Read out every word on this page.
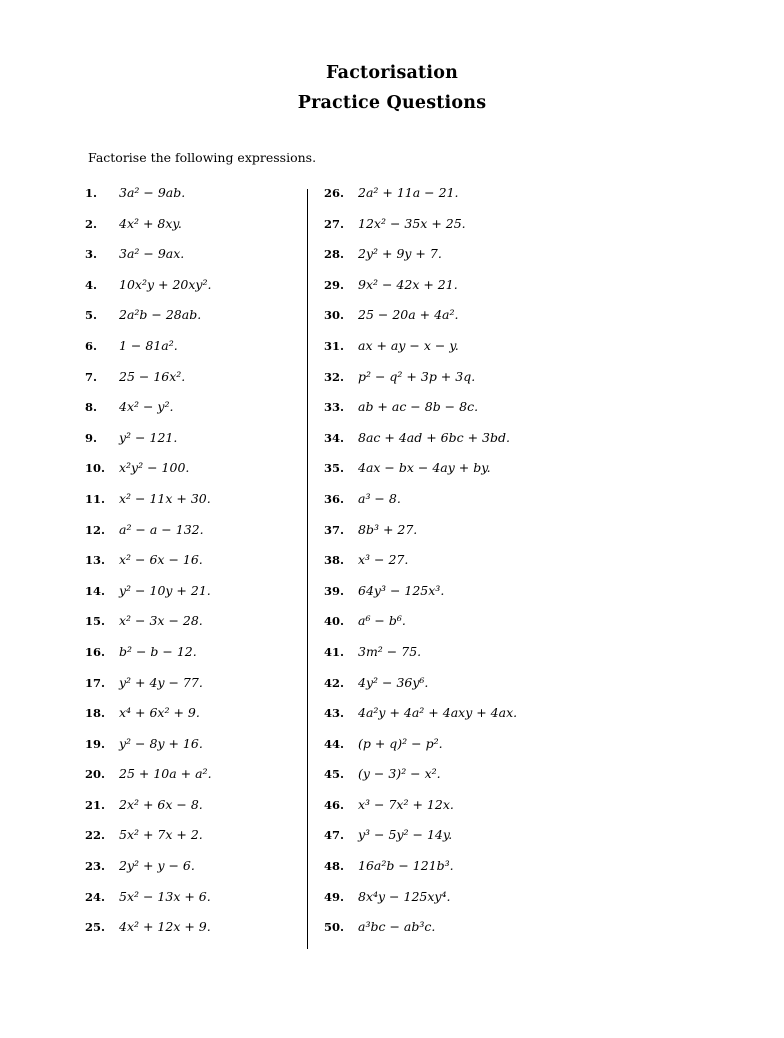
Factorisation
Practice Questions
Factorise the following expressions.
1.	3a² − 9ab.
2.	4x² + 8xy.
3.	3a² − 9ax.
4.	10x²y + 20xy².
5.	2a²b − 28ab.
6.	1 − 81a².
7.	25 − 16x².
8.	4x² − y².
9.	y² − 121.
10.	x²y² − 100.
11.	x² − 11x + 30.
12.	a² − a − 132.
13.	x² − 6x − 16.
14.	y² − 10y + 21.
15.	x² − 3x − 28.
16.	b² − b − 12.
17.	y² + 4y − 77.
18.	x⁴ + 6x² + 9.
19.	y² − 8y + 16.
20.	25 + 10a + a².
21.	2x² + 6x − 8.
22.	5x² + 7x + 2.
23.	2y² + y − 6.
24.	5x² − 13x + 6.
25.	4x² + 12x + 9.
26.	2a² + 11a − 21.
27.	12x² − 35x + 25.
28.	2y² + 9y + 7.
29.	9x² − 42x + 21.
30.	25 − 20a + 4a².
31.	ax + ay − x − y.
32.	p² − q² + 3p + 3q.
33.	ab + ac − 8b − 8c.
34.	8ac + 4ad + 6bc + 3bd.
35.	4ax − bx − 4ay + by.
36.	a³ − 8.
37.	8b³ + 27.
38.	x³ − 27.
39.	64y³ − 125x³.
40.	a⁶ − b⁶.
41.	3m² − 75.
42.	4y² − 36y⁶.
43.	4a²y + 4a² + 4axy + 4ax.
44.	(p + q)² − p².
45.	(y − 3)² − x².
46.	x³ − 7x² + 12x.
47.	y³ − 5y² − 14y.
48.	16a²b − 121b³.
49.	8x⁴y − 125xy⁴.
50.	a³bc − ab³c.
